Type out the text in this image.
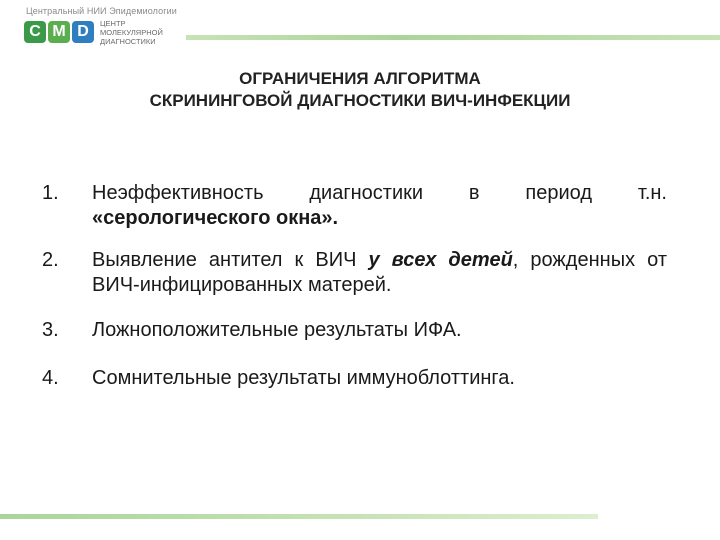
Центральный НИИ Эпидемиологии
C M D	ЦЕНТР
МОЛЕКУЛЯРНОЙ
ДИАГНОСТИКИ
ОГРАНИЧЕНИЯ АЛГОРИТМА
СКРИНИНГОВОЙ ДИАГНОСТИКИ ВИЧ-ИНФЕКЦИИ
1.	Неэффективность диагностики в период т.н. «серологического окна».
2.	Выявление антител к ВИЧ у всех детей, рожденных от ВИЧ-инфицированных матерей.
3.	Ложноположительные результаты ИФА.
4.	Сомнительные результаты иммуноблоттинга.
